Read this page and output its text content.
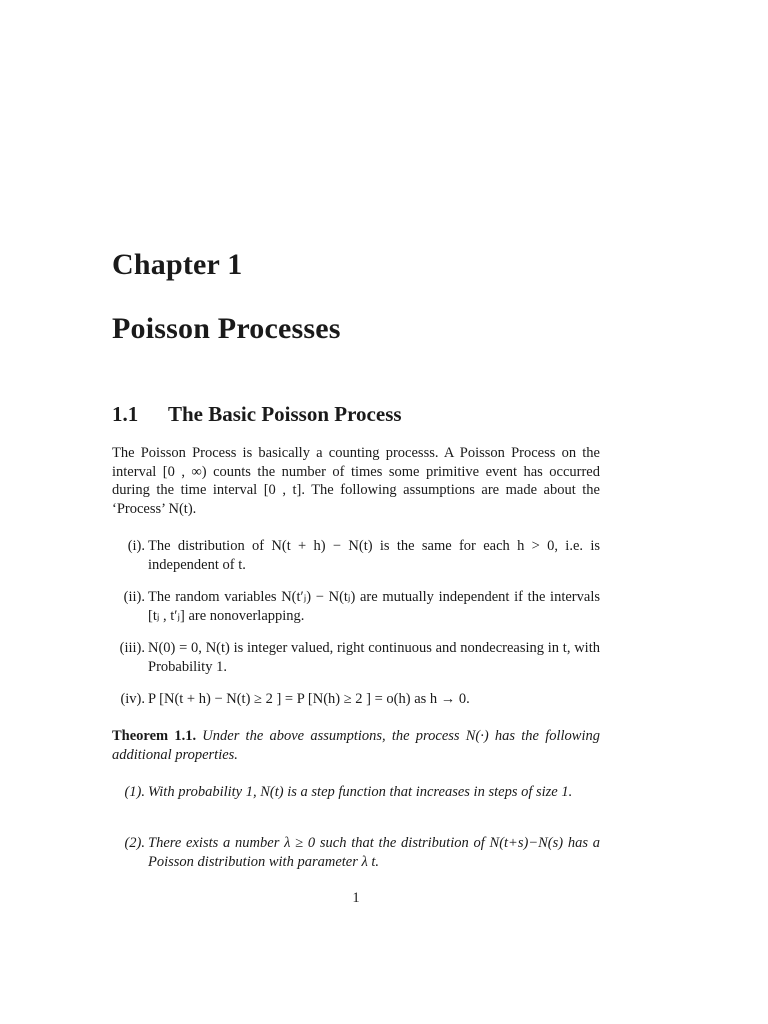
Chapter 1
Poisson Processes
1.1 The Basic Poisson Process
The Poisson Process is basically a counting processs. A Poisson Process on the interval [0 , ∞) counts the number of times some primitive event has occurred during the time interval [0 , t]. The following assumptions are made about the ‘Process’ N(t).
(i). The distribution of N(t + h) − N(t) is the same for each h > 0, i.e. is independent of t.
(ii). The random variables N(t′ⱼ) − N(tⱼ) are mutually independent if the intervals [tⱼ , t′ⱼ] are nonoverlapping.
(iii). N(0) = 0, N(t) is integer valued, right continuous and nondecreasing in t, with Probability 1.
(iv). P [N(t + h) − N(t) ≥ 2 ] = P [N(h) ≥ 2 ] = o(h) as h → 0.
Theorem 1.1. Under the above assumptions, the process N(·) has the following additional properties.
(1). With probability 1, N(t) is a step function that increases in steps of size 1.
(2). There exists a number λ ≥ 0 such that the distribution of N(t+s)−N(s) has a Poisson distribution with parameter λ t.
1
